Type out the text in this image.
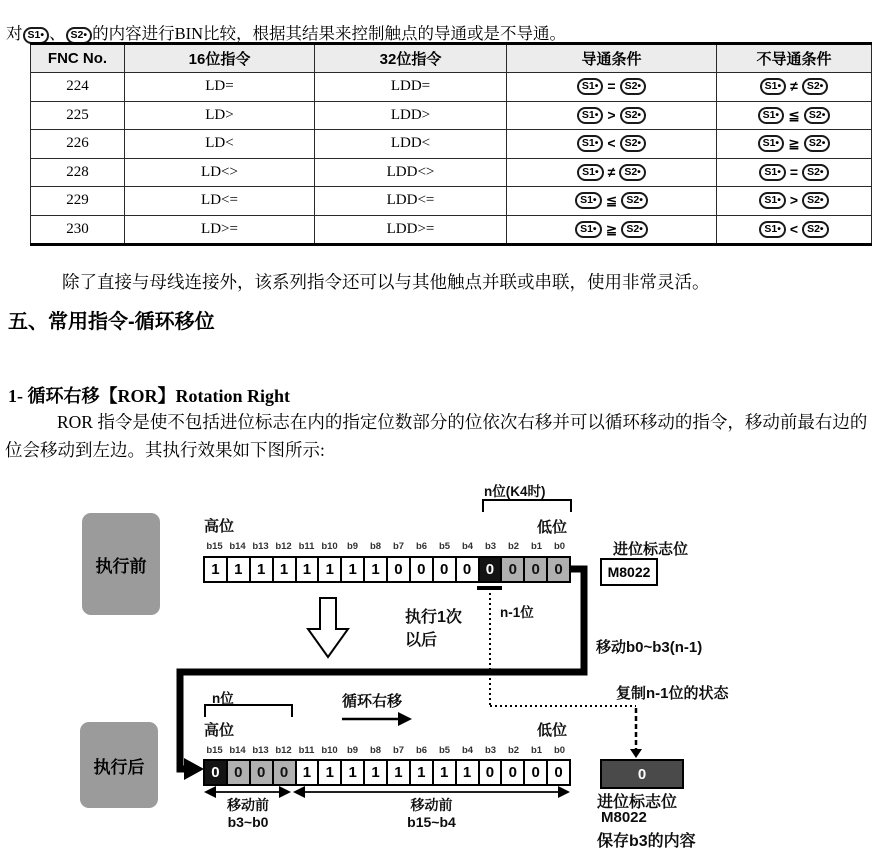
对 S1• 、 S2• 的内容进行BIN比较，根据其结果来控制触点的导通或是不导通。

FNC No.	16位指令	32位指令	导通条件	不导通条件
224	LD=	LDD=	S1• = S2•	S1• ≠ S2•
225	LD>	LDD>	S1• > S2•	S1• ≦ S2•
226	LD<	LDD<	S1• < S2•	S1• ≧ S2•
228	LD<>	LDD<>	S1• ≠ S2•	S1• = S2•
229	LD<=	LDD<=	S1• ≦ S2•	S1• > S2•
230	LD>=	LDD>=	S1• ≧ S2•	S1• < S2•

除了直接与母线连接外，该系列指令还可以与其他触点并联或串联，使用非常灵活。

五、常用指令-循环移位
1- 循环右移【ROR】Rotation Right

ROR 指令是使不包括进位标志在内的指定位数部分的位依次右移并可以循环移动的指令，移动前最右边的位会移动到左边。其执行效果如下图所示:

执行前
n位(K4时)
高位	低位
进位标志位
M8022
b15 b14 b13 b12 b11 b10 b9	b8	b7	b6	b5	b4	b3	b2	b1	b0
1 1 1 1 1 1 1 1 0 0 0 0 0 0 0 0
执行1次
以后
n-1位
移动b0~b3(n-1)
复制n-1位的状态
执行后
n位	循环右移
高位	低位
b15 b14 b13 b12 b11 b10 b9	b8	b7	b6	b5	b4	b3	b2	b1	b0
0 0 0 0 1 1 1 1 1 1 1 1 0 0 0 0
移动前
b3~b0
移动前
b15~b4
0
进位标志位
M8022
保存b3的内容
